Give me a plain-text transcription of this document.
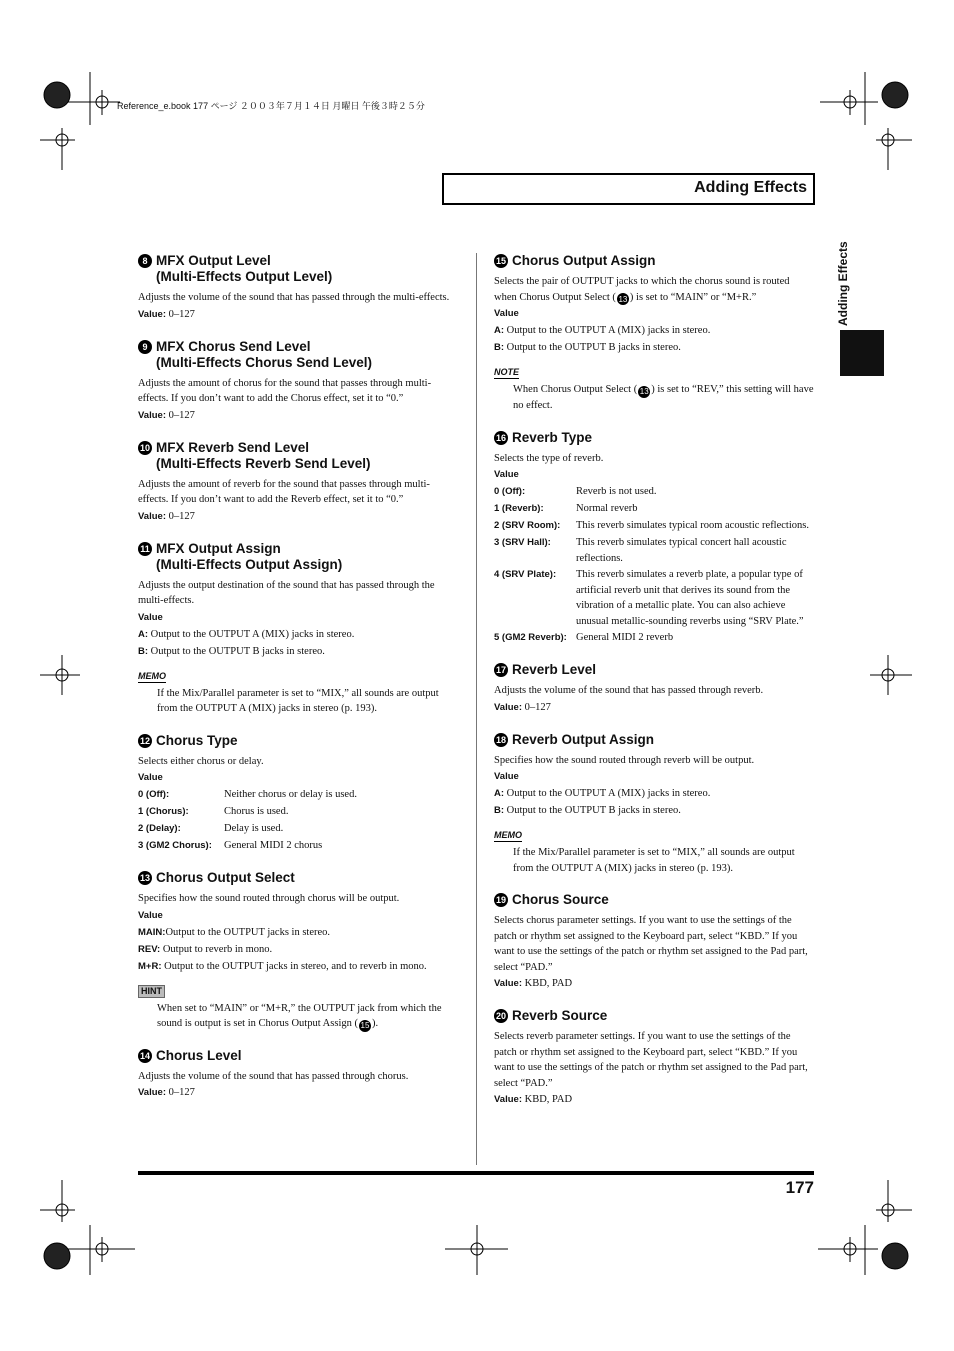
Reference_e.book 177 ページ ２００３年７月１４日 月曜日 午後３時２５分
Adding Effects
Adding Effects
8 MFX Output Level
(Multi-Effects Output Level)
Adjusts the volume of the sound that has passed through the multi-effects.
Value: 0–127
9 MFX Chorus Send Level
(Multi-Effects Chorus Send Level)
Adjusts the amount of chorus for the sound that passes through multi-effects. If you don’t want to add the Chorus effect, set it to “0.”
Value: 0–127
10 MFX Reverb Send Level
(Multi-Effects Reverb Send Level)
Adjusts the amount of reverb for the sound that passes through multi-effects. If you don’t want to add the Reverb effect, set it to “0.”
Value: 0–127
11 MFX Output Assign
(Multi-Effects Output Assign)
Adjusts the output destination of the sound that has passed through the multi-effects.
Value
A: Output to the OUTPUT A (MIX) jacks in stereo.
B: Output to the OUTPUT B jacks in stereo.
MEMO
If the Mix/Parallel parameter is set to “MIX,” all sounds are output from the OUTPUT A (MIX) jacks in stereo (p. 193).
12 Chorus Type
Selects either chorus or delay.
Value
0 (Off):	Neither chorus or delay is used.
1 (Chorus):	Chorus is used.
2 (Delay):	Delay is used.
3 (GM2 Chorus):	General MIDI 2 chorus
13 Chorus Output Select
Specifies how the sound routed through chorus will be output.
Value
MAIN:Output to the OUTPUT jacks in stereo.
REV: Output to reverb in mono.
M+R: Output to the OUTPUT jacks in stereo, and to reverb in mono.
HINT
When set to “MAIN” or “M+R,” the OUTPUT jack from which the sound is output is set in Chorus Output Assign ( 15 ).
14 Chorus Level
Adjusts the volume of the sound that has passed through chorus.
Value: 0–127
15 Chorus Output Assign
Selects the pair of OUTPUT jacks to which the chorus sound is routed when Chorus Output Select ( 13 ) is set to “MAIN” or “M+R.”
Value
A: Output to the OUTPUT A (MIX) jacks in stereo.
B: Output to the OUTPUT B jacks in stereo.
NOTE
When Chorus Output Select ( 13 ) is set to “REV,” this setting will have no effect.
16 Reverb Type
Selects the type of reverb.
Value
0 (Off):	Reverb is not used.
1 (Reverb):	Normal reverb
2 (SRV Room):	This reverb simulates typical room acoustic reflections.
3 (SRV Hall):	This reverb simulates typical concert hall acoustic reflections.
4 (SRV Plate):	This reverb simulates a reverb plate, a popular type of artificial reverb unit that derives its sound from the vibration of a metallic plate. You can also achieve unusual metallic-sounding reverbs using “SRV Plate.”
5 (GM2 Reverb): General MIDI 2 reverb
17 Reverb Level
Adjusts the volume of the sound that has passed through reverb.
Value: 0–127
18 Reverb Output Assign
Specifies how the sound routed through reverb will be output.
Value
A: Output to the OUTPUT A (MIX) jacks in stereo.
B: Output to the OUTPUT B jacks in stereo.
MEMO
If the Mix/Parallel parameter is set to “MIX,” all sounds are output from the OUTPUT A (MIX) jacks in stereo (p. 193).
19 Chorus Source
Selects chorus parameter settings. If you want to use the settings of the patch or rhythm set assigned to the Keyboard part, select “KBD.” If you want to use the settings of the patch or rhythm set assigned to the Pad part, select “PAD.”
Value: KBD, PAD
20 Reverb Source
Selects reverb parameter settings. If you want to use the settings of the patch or rhythm set assigned to the Keyboard part, select “KBD.” If you want to use the settings of the patch or rhythm set assigned to the Pad part, select “PAD.”
Value: KBD, PAD
177
